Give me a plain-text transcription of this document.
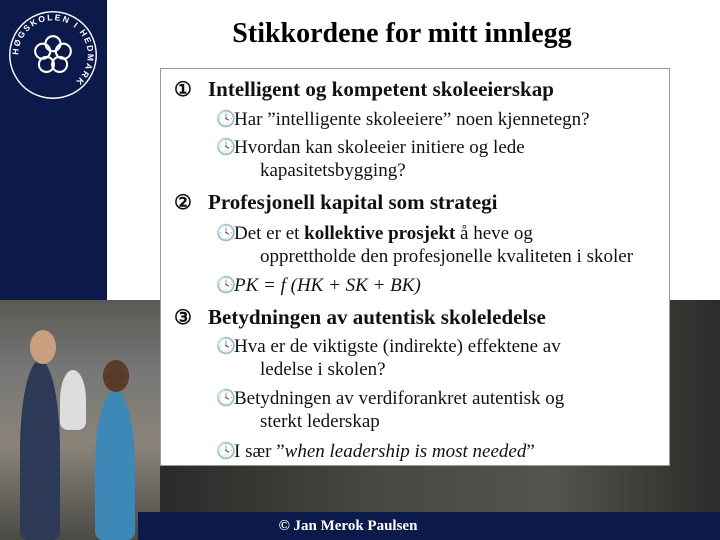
HØGSKOLEN I HEDMARK
© Jan Merok Paulsen
Stikkordene for mitt innlegg
① Intelligent og kompetent skoleeierskap
🕓
Har ”intelligente skoleeiere” noen kjennetegn?
🕓
Hvordan kan skoleeier initiere og lede
kapasitetsbygging?
② Profesjonell kapital som strategi
🕓
Det er et kollektive prosjekt å heve og
opprettholde den profesjonelle kvaliteten i skoler
🕓
PK = f (HK + SK + BK)
③ Betydningen av autentisk skoleledelse
🕓
Hva er de viktigste (indirekte) effektene av
ledelse i skolen?
🕓
Betydningen av verdiforankret autentisk og
sterkt lederskap
🕓
I sær ”when leadership is most needed”
